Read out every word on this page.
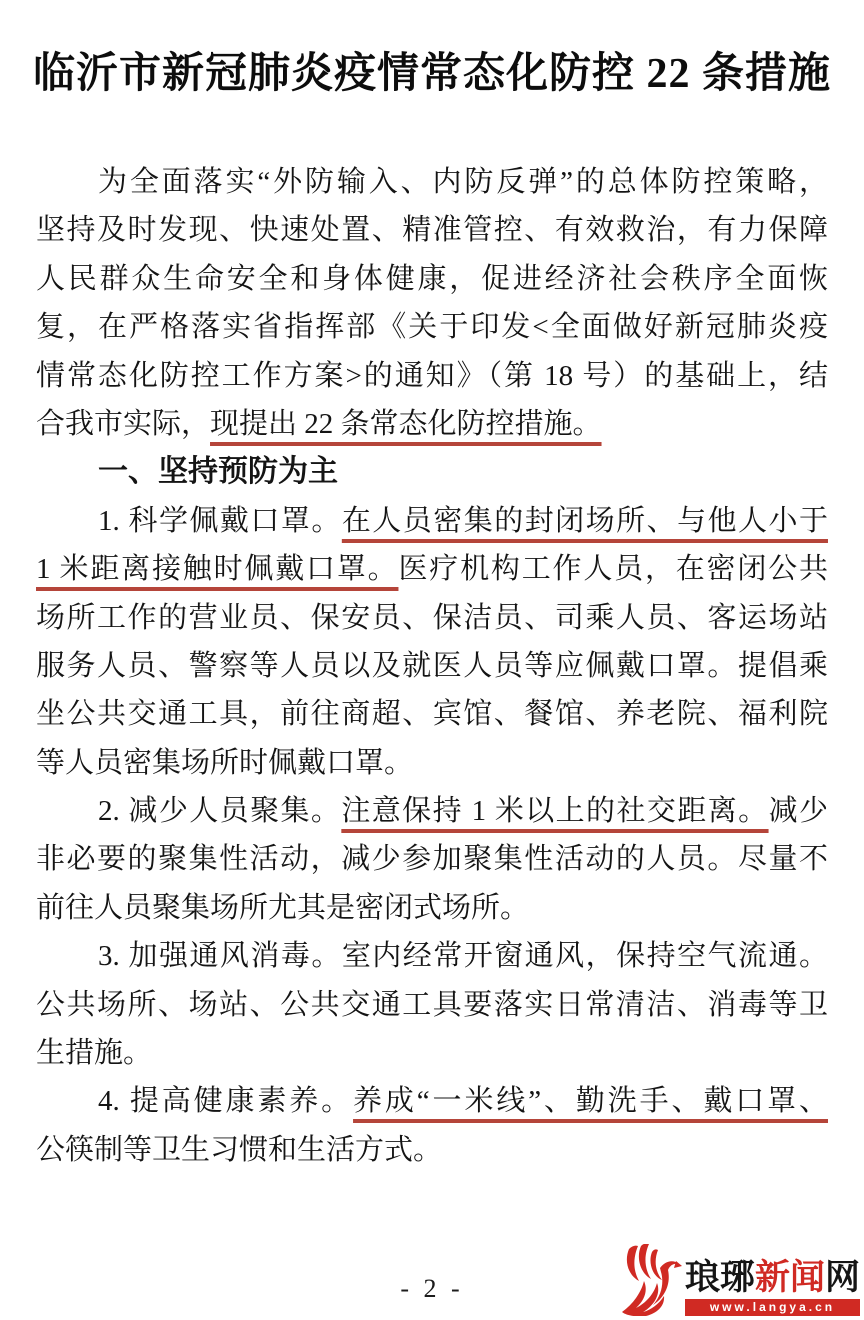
临沂市新冠肺炎疫情常态化防控 22 条措施
为全面落实“外防输入、内防反弹”的总体防控策略，
坚持及时发现、快速处置、精准管控、有效救治，有力保障
人民群众生命安全和身体健康，促进经济社会秩序全面恢
复，在严格落实省指挥部《关于印发<全面做好新冠肺炎疫
情常态化防控工作方案>的通知》（第 18 号）的基础上，结
合我市实际，现提出 22 条常态化防控措施。
一、坚持预防为主
1. 科学佩戴口罩。在人员密集的封闭场所、与他人小于
1 米距离接触时佩戴口罩。医疗机构工作人员，在密闭公共
场所工作的营业员、保安员、保洁员、司乘人员、客运场站
服务人员、警察等人员以及就医人员等应佩戴口罩。提倡乘
坐公共交通工具，前往商超、宾馆、餐馆、养老院、福利院
等人员密集场所时佩戴口罩。
2. 减少人员聚集。注意保持 1 米以上的社交距离。减少
非必要的聚集性活动，减少参加聚集性活动的人员。尽量不
前往人员聚集场所尤其是密闭式场所。
3. 加强通风消毒。室内经常开窗通风，保持空气流通。
公共场所、场站、公共交通工具要落实日常清洁、消毒等卫
生措施。
4. 提高健康素养。养成“一米线”、勤洗手、戴口罩、
公筷制等卫生习惯和生活方式。
- 2 -	琅琊新闻网
www.langya.cn
